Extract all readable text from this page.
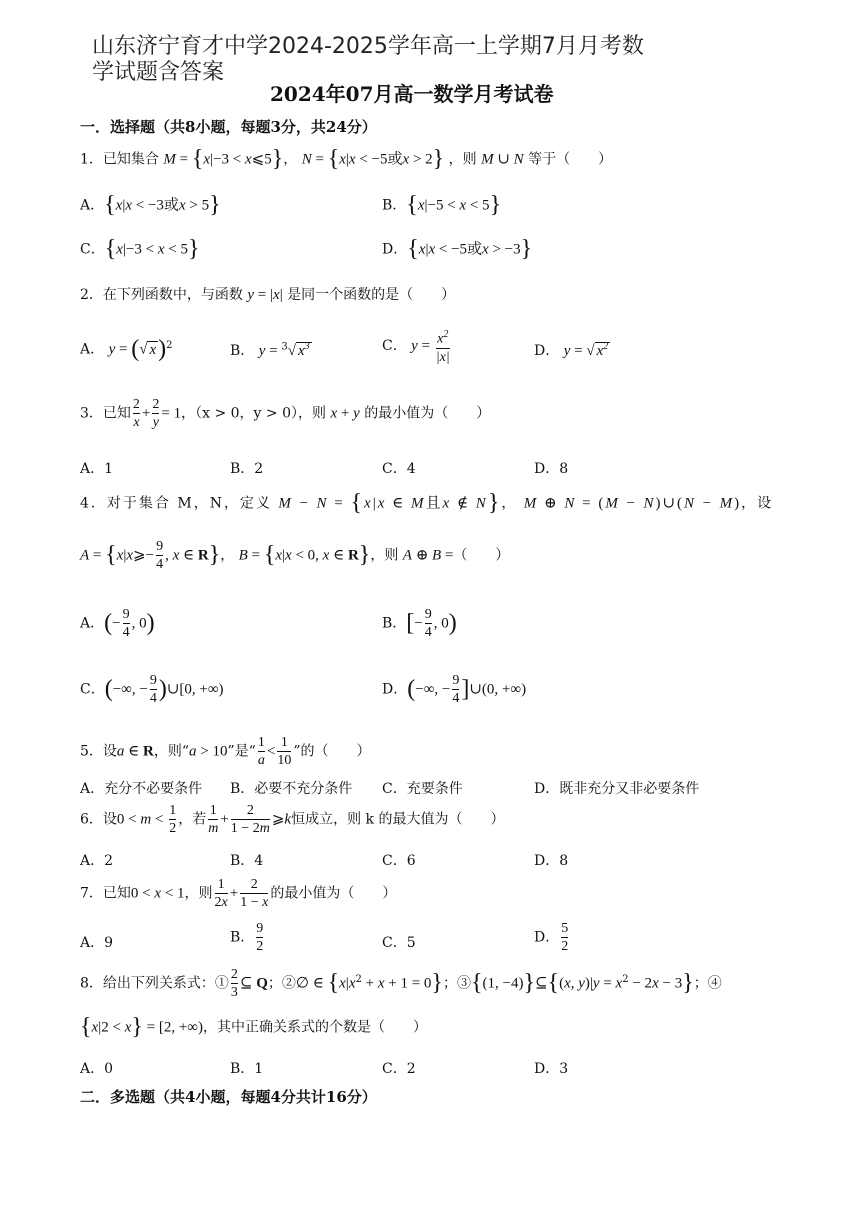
山东济宁育才中学2024-2025学年高一上学期7月月考数
学试题含答案
2024年07月高一数学月考试卷
一．选择题（共8小题，每题3分，共24分）
1．已知集合 M = {x|−3 < x⩽5}， N = {x|x < −5或x > 2} ，则 M ∪ N 等于（　　）
A．{x|x < −3或x > 5}	B．{x|−5 < x < 5}
C．{x|−3 < x < 5}	D．{x|x < −5或x > −3}
2．在下列函数中，与函数 y = |x| 是同一个函数的是（　　）
A． y = (√ x)$^2$	B． y = $^3$√ $x^3$	C． $y = \frac{x^2}{|x|}$	D． y = √ $x^2$
3．已知 $\frac{2}{x} + \frac{2}{y} = 1$，（x > 0，y > 0），则 x + y 的最小值为（　　）
A．1	B．2	C．4	D．8
4．对于集合 M，N，定义 M − N = {x|x ∈ M且x ∉ N}， M ⊕ N = (M − N)∪(N − M)，设
A = {x|x⩾− $\frac{9}{4}$ , x ∈ R}， B = {x|x < 0, x ∈ R}，则 A ⊕ B =（　　）
A．(− $\frac{9}{4}$ , 0)	B．[− $\frac{9}{4}$ , 0)
C．(−∞, − $\frac{9}{4}$ )∪[0, +∞)	D．(−∞, − $\frac{9}{4}$ ]∪(0, +∞)
5．设a ∈ R，则“a > 10”是“ $\frac{1}{a} < \frac{1}{10}$ ”的（　　）
A．充分不必要条件 B．必要不充分条件 C．充要条件	D．既非充分又非必要条件
6．设$0 < m < \frac{1}{2}$ ，若 $\frac{1}{m} + \frac{2}{1 - 2m}$ ⩾k恒成立，则 k 的最大值为（　　）
A．2	B．4	C．6	D．8
7．已知0 < x < 1，则 $\frac{1}{2x} + \frac{2}{1 - x}$ 的最小值为（　　）
A．9	B． $\frac{9}{2}$	C．5	D． $\frac{5}{2}$
8．给出下列关系式：① $\frac{2}{3}$ ⊆ Q；②∅ ∈ $\{x|x^2 + x + 1 = 0\}$；③{(1, −4)}⊆{(x, $y)|y = x^2 - 2x - 3$}；④
{x|2 < x} = [2, +∞)，其中正确关系式的个数是（　　）
A．0	B．1	C．2	D．3
二．多选题（共4小题，每题4分共计16分）
